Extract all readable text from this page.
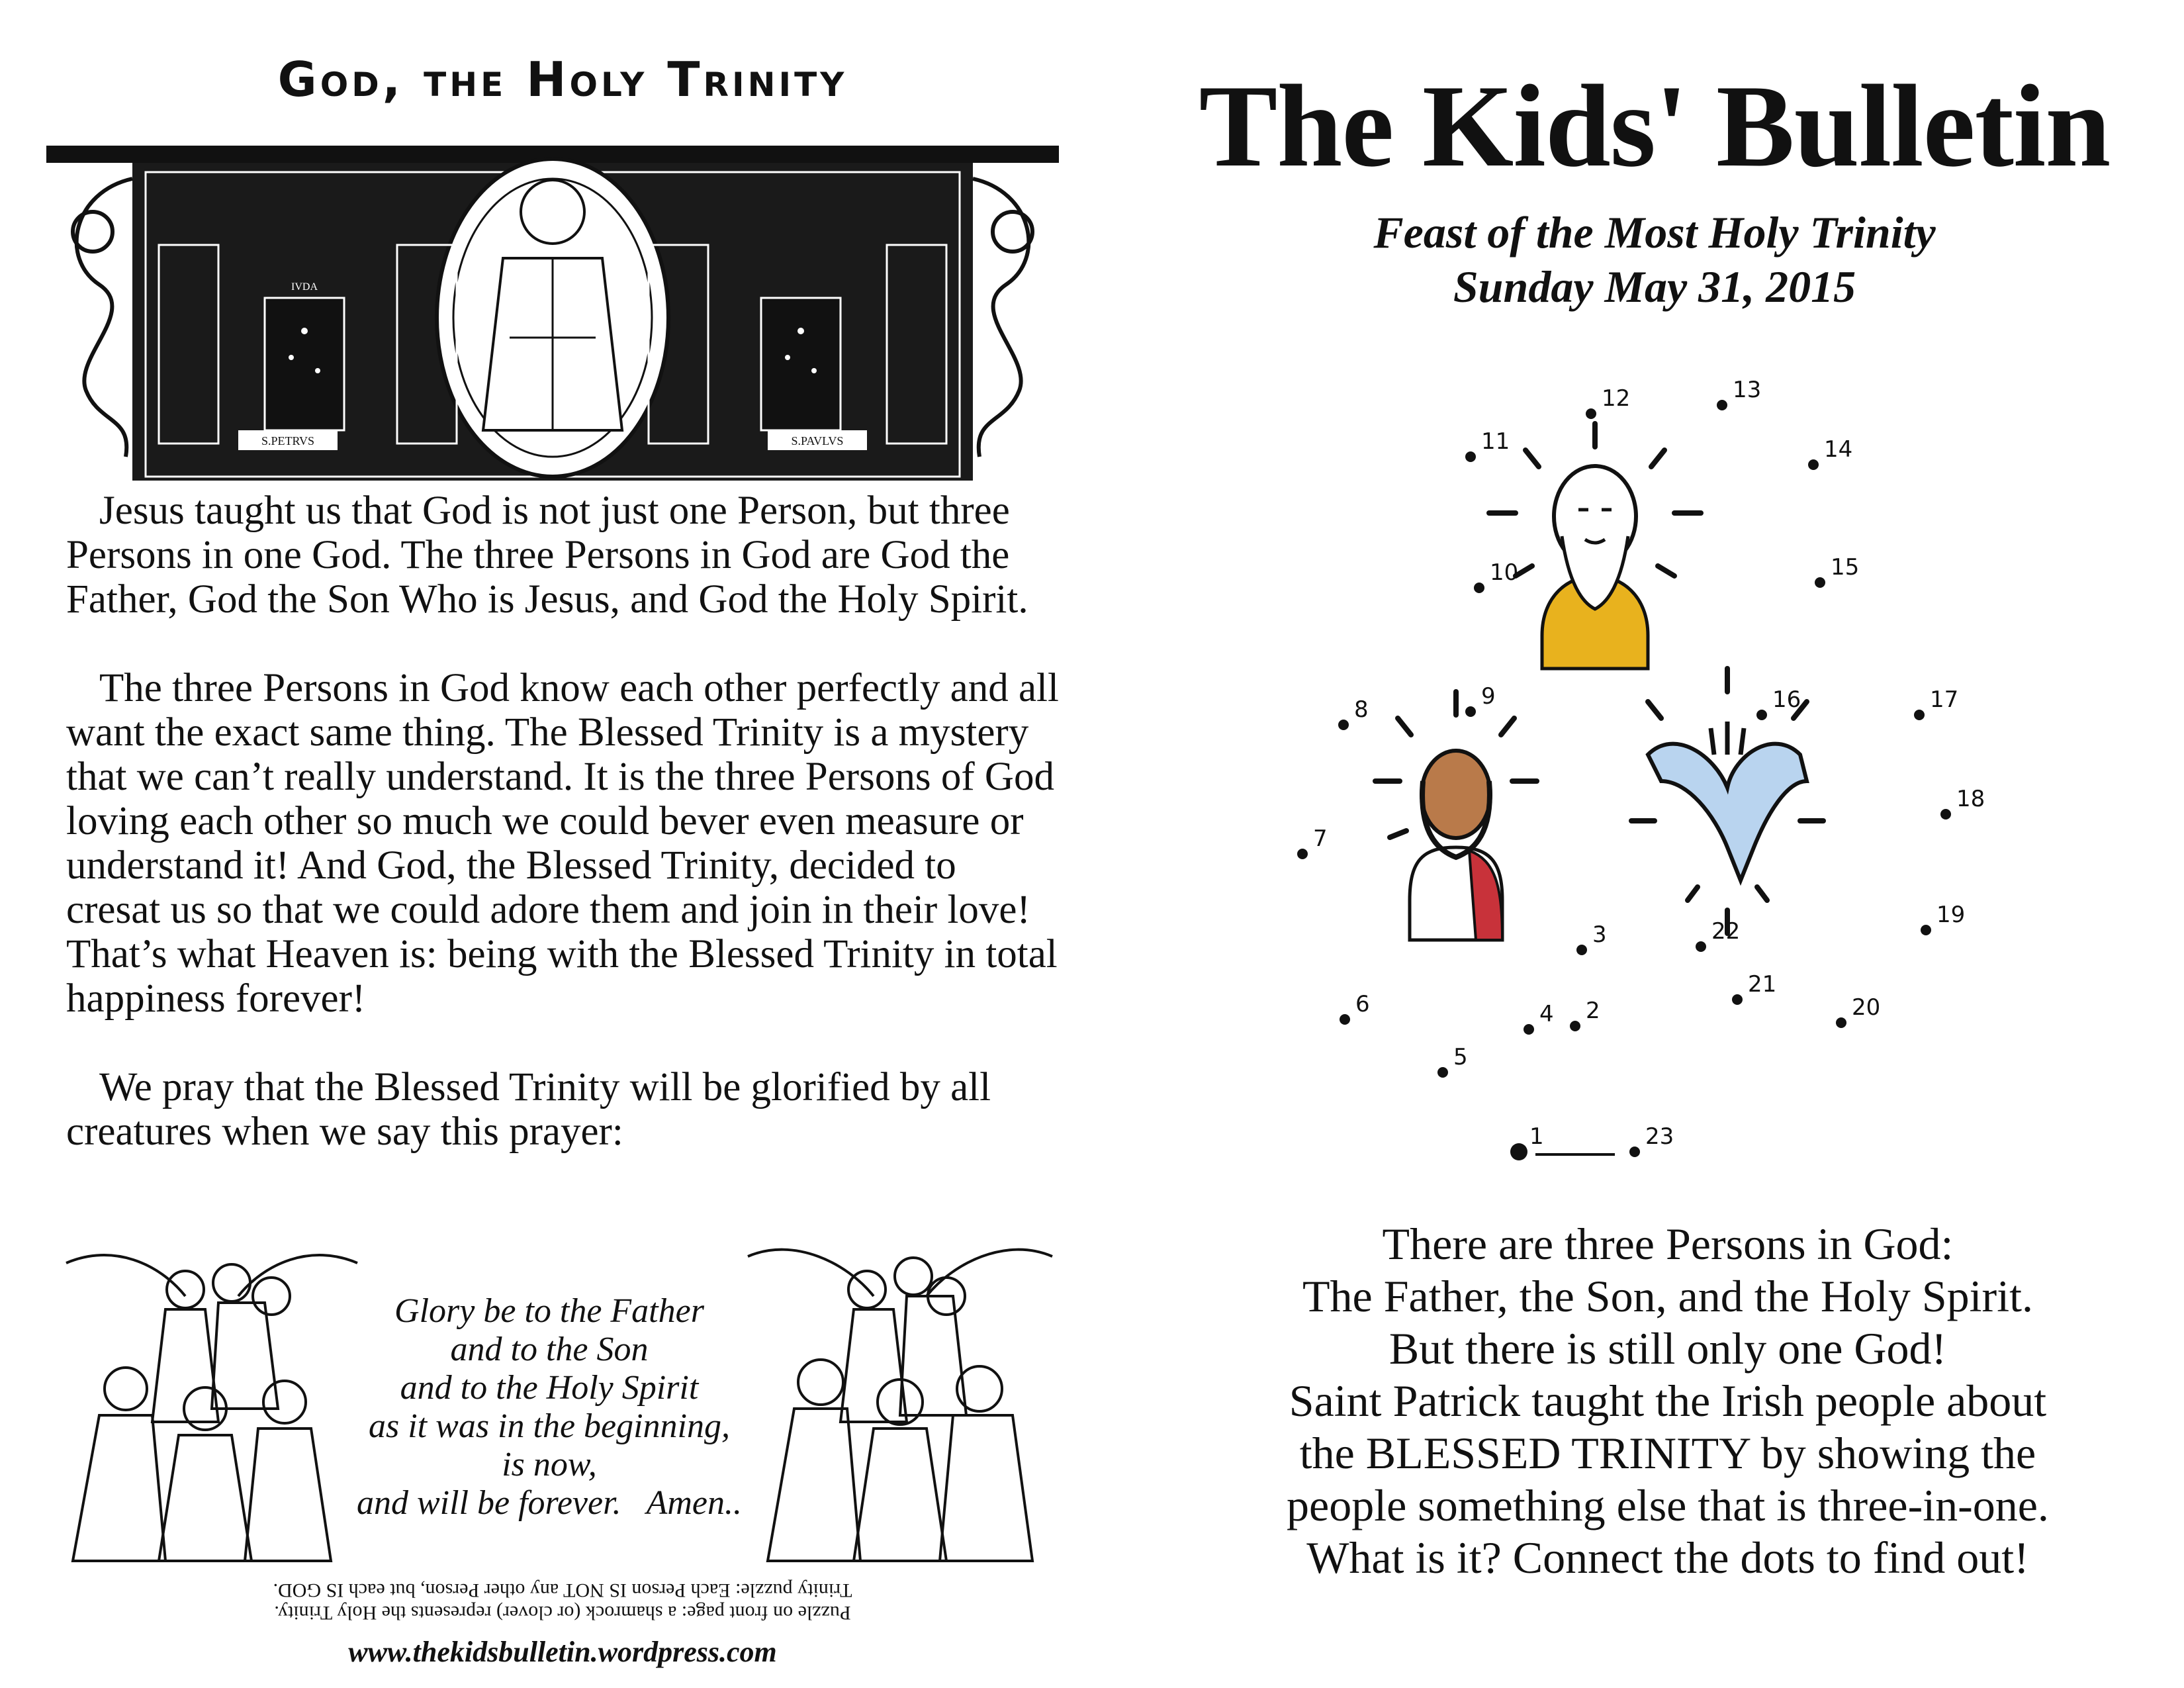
God, the Holy Trinity
S.PETRVS	S.PAVLVS
IVDA

Jesus taught us that God is not just one Person, but three Persons in one God. The three Persons in God are God the Father, God the Son Who is Jesus, and God the Holy Spirit.

The three Persons in God know each other perfectly and all want the exact same thing. The Blessed Trinity is a mystery that we can’t really understand. It is the three Persons of God loving each other so much we could bever even measure or understand it! And God, the Blessed Trinity, decided to cresat us so that we could adore them and join in their love! That’s what Heaven is: being with the Blessed Trinity in total happiness forever!

We pray that the Blessed Trinity will be glorified by all creatures when we say this prayer:

Glory be to the Father
and to the Son
and to the Holy Spirit
as it was in the beginning,
is now,
and will be forever.   Amen..
Puzzle on front page: a shamrock (or clover) represents the Holy Trinity.
Trinity puzzle: Each Person IS NOT any other Person, but each IS GOD.
www.thekidsbulletin.wordpress.com
The Kids' Bulletin
Feast of the Most Holy Trinity
Sunday May 31, 2015
1
2
3
4
5
6
7
8	9
10
11
12	13
14
15
16	17
18
19
20
21
22
23
There are three Persons in God:
The Father, the Son, and the Holy Spirit.
But there is still only one God!
Saint Patrick taught the Irish people about
the BLESSED TRINITY by showing the
people something else that is three-in-one.
What is it? Connect the dots to find out!
